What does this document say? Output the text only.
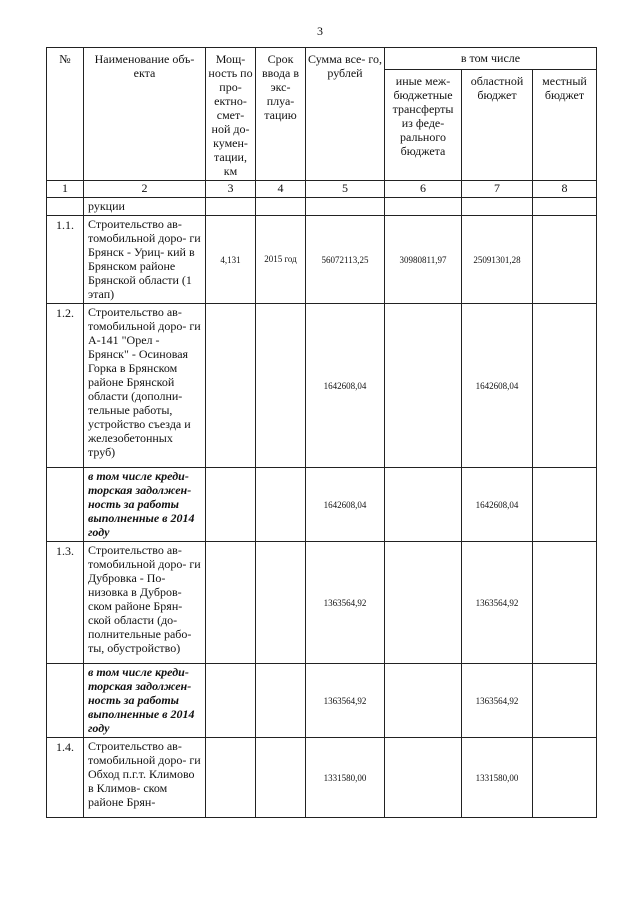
3
№	Наименование объ- екта	Мощ- ность по про- ектно- смет- ной до- кумен- тации, км	Срок ввода в экс- плуа- тацию	Сумма все- го, рублей	в том числе		
					иные меж- бюджетные трансферты из феде- рального бюджета	областной бюджет	местный бюджет
1	2	3	4	5	6	7	8
	рукции						
1.1.	Строительство ав- томобильной доро- ги Брянск - Уриц- кий в Брянском районе Брянской области (1 этап)	4,131	2015 год	56072113,25	30980811,97	25091301,28	
1.2.	Строительство ав- томобильной доро- ги А-141 "Орел - Брянск" - Осиновая Горка в Брянском районе Брянской области (дополни- тельные работы, устройство съезда и железобетонных труб)			1642608,04		1642608,04	
	в том числе креди- торская задолжен- ность за работы выполненные в 2014 году			1642608,04		1642608,04	
1.3.	Строительство ав- томобильной доро- ги Дубровка - По- низовка в Дубров- ском районе Брян- ской области (до- полнительные рабо- ты, обустройство)			1363564,92		1363564,92	
	в том числе креди- торская задолжен- ность за работы выполненные в 2014 году			1363564,92		1363564,92	
1.4.	Строительство ав- томобильной доро- ги Обход п.г.т. Климово в Климов- ском районе Брян-			1331580,00		1331580,00	
